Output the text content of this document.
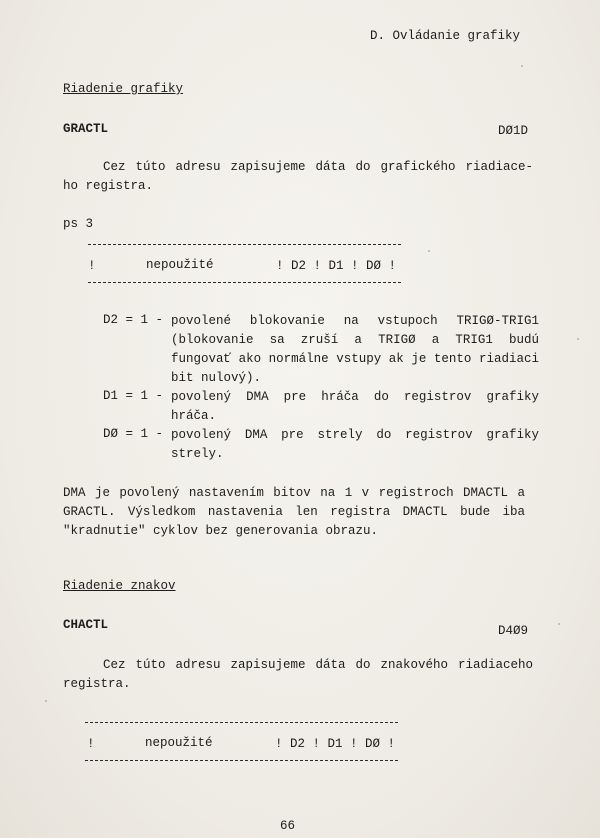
D. Ovládanie grafiky
Riadenie grafiky
GRACTL	DØ1D
Cez túto adresu zapisujeme dáta do grafického riadiace- ho registra.
ps 3
!	nepoužité	! D2 ! D1 ! DØ !
D2 = 1 - povolené blokovanie na vstupoch TRIGØ-TRIG1 (blokovanie sa zruší a TRIGØ a TRIG1 budú fungovať ako normálne vstupy ak je tento riadiaci bit nulový).
D1 = 1 - povolený DMA pre hráča do registrov grafiky hráča.
DØ = 1 - povolený DMA pre strely do registrov grafiky strely.
DMA je povolený nastavením bitov na 1 v registroch DMACTL a GRACTL. Výsledkom nastavenia len registra DMACTL bude iba "kradnutie" cyklov bez generovania obrazu.
Riadenie znakov
CHACTL	D4Ø9
Cez túto adresu zapisujeme dáta do znakového riadiaceho registra.
!	nepoužité	! D2 ! D1 ! DØ !
66
